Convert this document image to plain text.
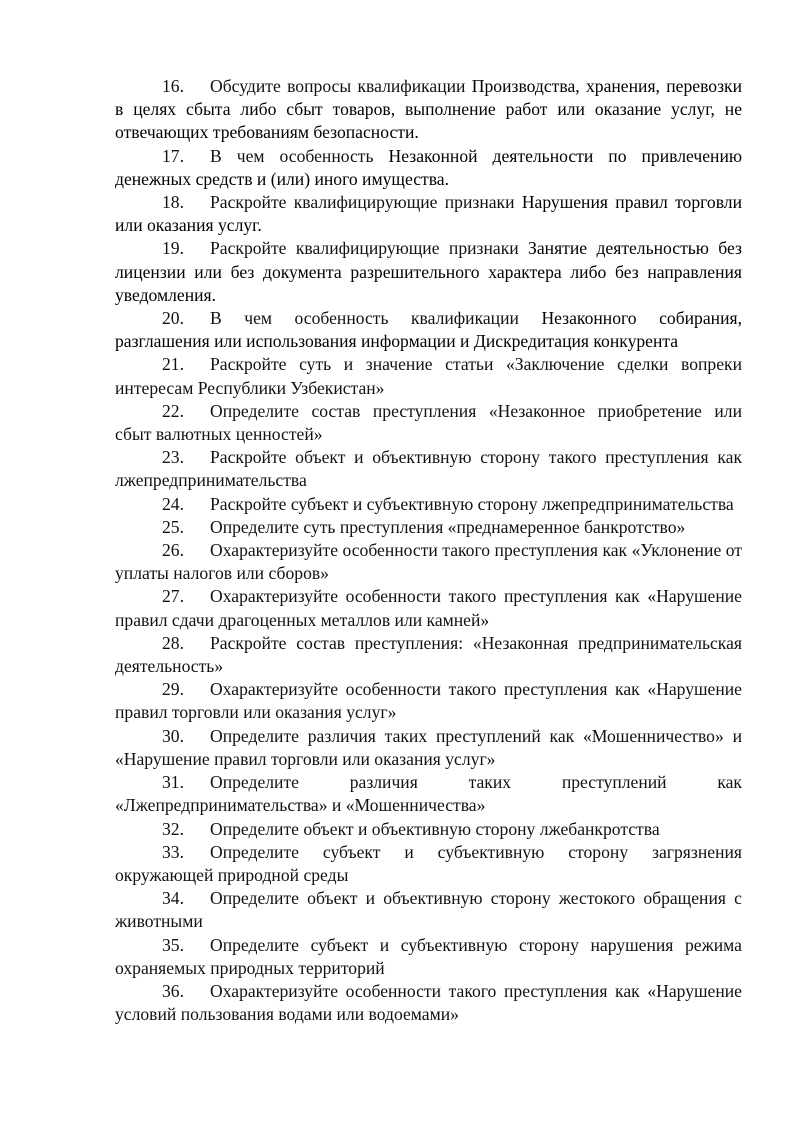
16. Обсудите вопросы квалификации Производства, хранения, перевозки в целях сбыта либо сбыт товаров, выполнение работ или оказание услуг, не отвечающих требованиям безопасности.

17. В чем особенность Незаконной деятельности по привлечению денежных средств и (или) иного имущества.

18. Раскройте квалифицирующие признаки Нарушения правил торговли или оказания услуг.

19. Раскройте квалифицирующие признаки Занятие деятельностью без лицензии или без документа разрешительного характера либо без направления уведомления.

20. В чем особенность квалификации Незаконного собирания, разглашения или использования информации и Дискредитация конкурента

21. Раскройте суть и значение статьи «Заключение сделки вопреки интересам Республики Узбекистан»

22. Определите состав преступления «Незаконное приобретение или сбыт валютных ценностей»

23. Раскройте объект и объективную сторону такого преступления как лжепредпринимательства

24. Раскройте субъект и субъективную сторону лжепредпринимательства

25. Определите суть преступления «преднамеренное банкротство»

26. Охарактеризуйте особенности такого преступления как «Уклонение от уплаты налогов или сборов»

27. Охарактеризуйте особенности такого преступления как «Нарушение правил сдачи драгоценных металлов или камней»

28. Раскройте состав преступления: «Незаконная предпринимательская деятельность»

29. Охарактеризуйте особенности такого преступления как «Нарушение правил торговли или оказания услуг»

30. Определите различия таких преступлений как «Мошенничество» и «Нарушение правил торговли или оказания услуг»

31. Определите различия таких преступлений как «Лжепредпринимательства» и «Мошенничества»

32. Определите объект и объективную сторону лжебанкротства

33. Определите субъект и субъективную сторону загрязнения окружающей природной среды

34. Определите объект и объективную сторону жестокого обращения с животными

35. Определите субъект и субъективную сторону нарушения режима охраняемых природных территорий

36. Охарактеризуйте особенности такого преступления как «Нарушение условий пользования водами или водоемами»
